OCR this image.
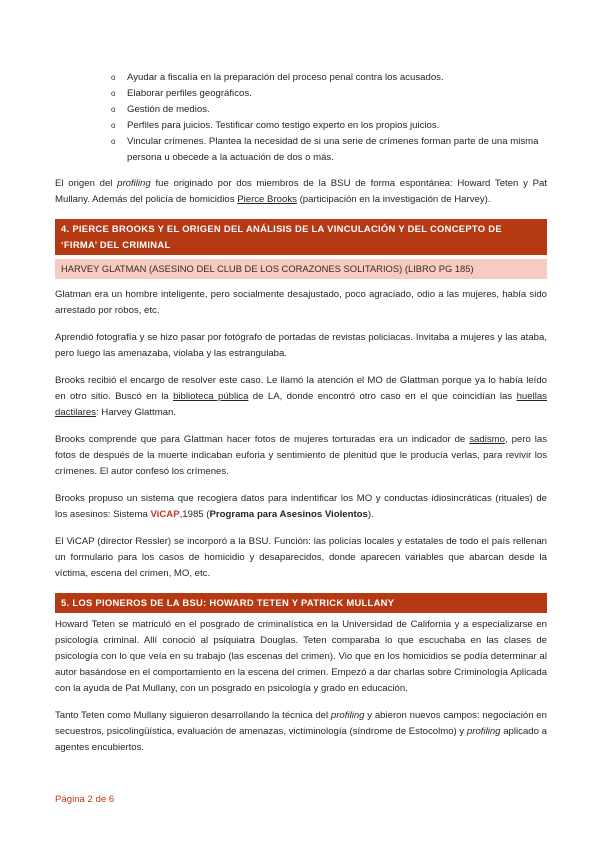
o Ayudar a fiscalía en la preparación del proceso penal contra los acusados.
o Elaborar perfiles geográficos.
o Gestión de medios.
o Perfiles para juicios. Testificar como testigo experto en los propios juicios.
o Vincular crímenes. Plantea la necesidad de si una serie de crímenes forman parte de una misma persona u obecede a la actuación de dos o más.

El origen del profiling fue originado por dos miembros de la BSU de forma espontánea: Howard Teten y Pat Mullany. Además del policía de homicidios Pierce Brooks (participación en la investigación de Harvey).

4. PIERCE BROOKS Y EL ORIGEN DEL ANÁLISIS DE LA VINCULACIÓN Y DEL CONCEPTO DE ‘FIRMA’ DEL CRIMINAL
HARVEY GLATMAN (ASESINO DEL CLUB DE LOS CORAZONES SOLITARIOS) (LIBRO PG 185)

Glatman era un hombre inteligente, pero socialmente desajustado, poco agraciado, odio a las mujeres, había sido arrestado por robos, etc.

Aprendió fotografía y se hizo pasar por fotógrafo de portadas de revistas policiacas. Invitaba a mujeres y las ataba, pero luego las amenazaba, violaba y las estrangulaba.

Brooks recibió el encargo de resolver este caso. Le llamó la atención el MO de Glattman porque ya lo había leído en otro sitio. Buscó en la biblioteca pública de LA, donde encontró otro caso en el que coincidían las huellas dactilares: Harvey Glattman.

Brooks comprende que para Glattman hacer fotos de mujeres torturadas era un indicador de sadismo, pero las fotos de después de la muerte indicaban euforia y sentimiento de plenitud que le producía verlas, para revivir los crímenes. El autor confesó los crímenes.

Brooks propuso un sistema que recogiera datos para indentificar los MO y conductas idiosincráticas (rituales) de los asesinos: Sistema ViCAP,1985 (Programa para Asesinos Violentos).

El ViCAP (director Ressler) se incorporó a la BSU. Función: las policías locales y estatales de todo el país rellenan un formulario para los casos de homicidio y desaparecidos, donde aparecen variables que abarcan desde la víctima, escena del crimen, MO, etc.

5. LOS PIONEROS DE LA BSU: HOWARD TETEN Y PATRICK MULLANY

Howard Teten se matriculó en el posgrado de criminalística en la Universidad de California y a especializarse en psicología criminal. Allí conoció al psiquiatra Douglas. Teten comparaba lo que escuchaba en las clases de psicología con lo que veía en su trabajo (las escenas del crimen). Vio que en los homicidios se podía determinar al autor basándose en el comportamiento en la escena del crimen. Empezó a dar charlas sobre Criminología Aplicada con la ayuda de Pat Mullany, con un posgrado en psicología y grado en educación.

Tanto Teten como Mullany siguieron desarrollando la técnica del profiling y abieron nuevos campos: negociación en secuestros, psicolingüística, evaluación de amenazas, victiminología (síndrome de Estocolmo) y profiling aplicado a agentes encubiertos.

Página 2 de 6
